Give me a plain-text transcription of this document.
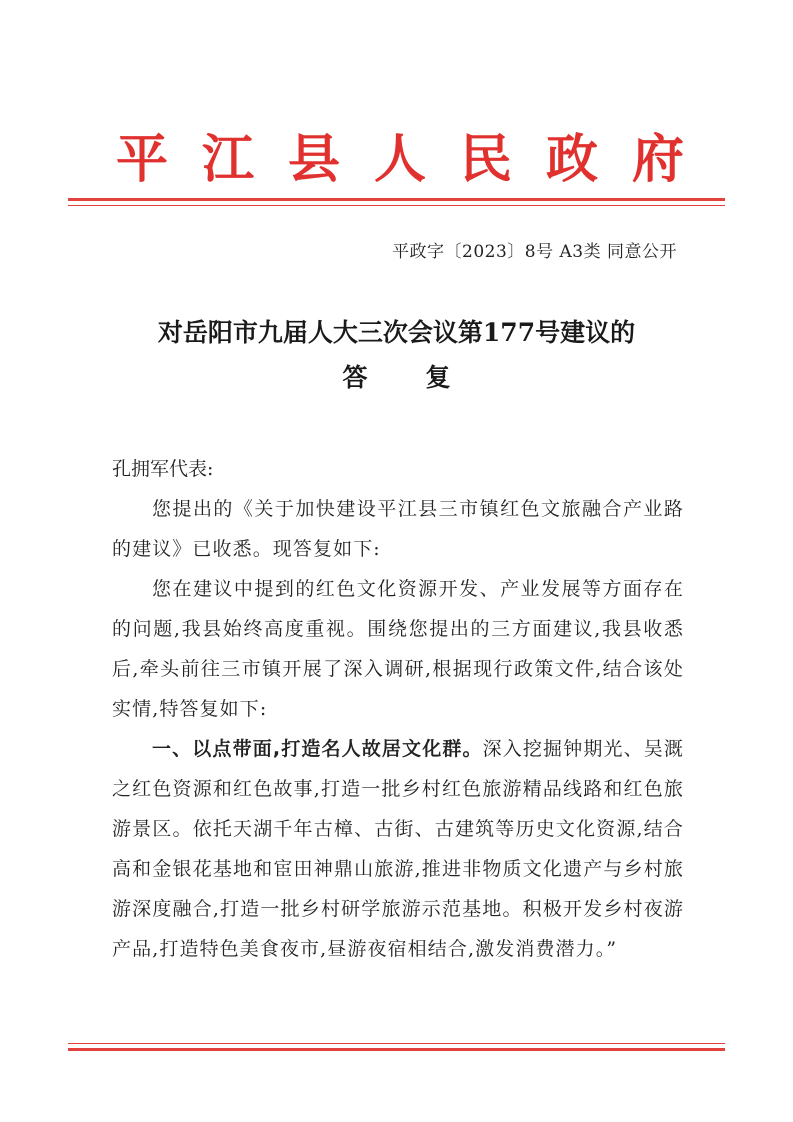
平 江 县 人 民 政 府
平政字〔2023〕8号 A3类 同意公开
对岳阳市九届人大三次会议第177号建议的
答复

孔拥军代表:

您提出的《关于加快建设平江县三市镇红色文旅融合产业路的建议》已收悉。现答复如下:

您在建议中提到的红色文化资源开发、产业发展等方面存在的问题,我县始终高度重视。围绕您提出的三方面建议,我县收悉后,牵头前往三市镇开展了深入调研,根据现行政策文件,结合该处实情,特答复如下:

一、以点带面,打造名人故居文化群。深入挖掘钟期光、吴溉之红色资源和红色故事,打造一批乡村红色旅游精品线路和红色旅游景区。依托天湖千年古樟、古街、古建筑等历史文化资源,结合高和金银花基地和宦田神鼎山旅游,推进非物质文化遗产与乡村旅游深度融合,打造一批乡村研学旅游示范基地。积极开发乡村夜游产品,打造特色美食夜市,昼游夜宿相结合,激发消费潜力。”
